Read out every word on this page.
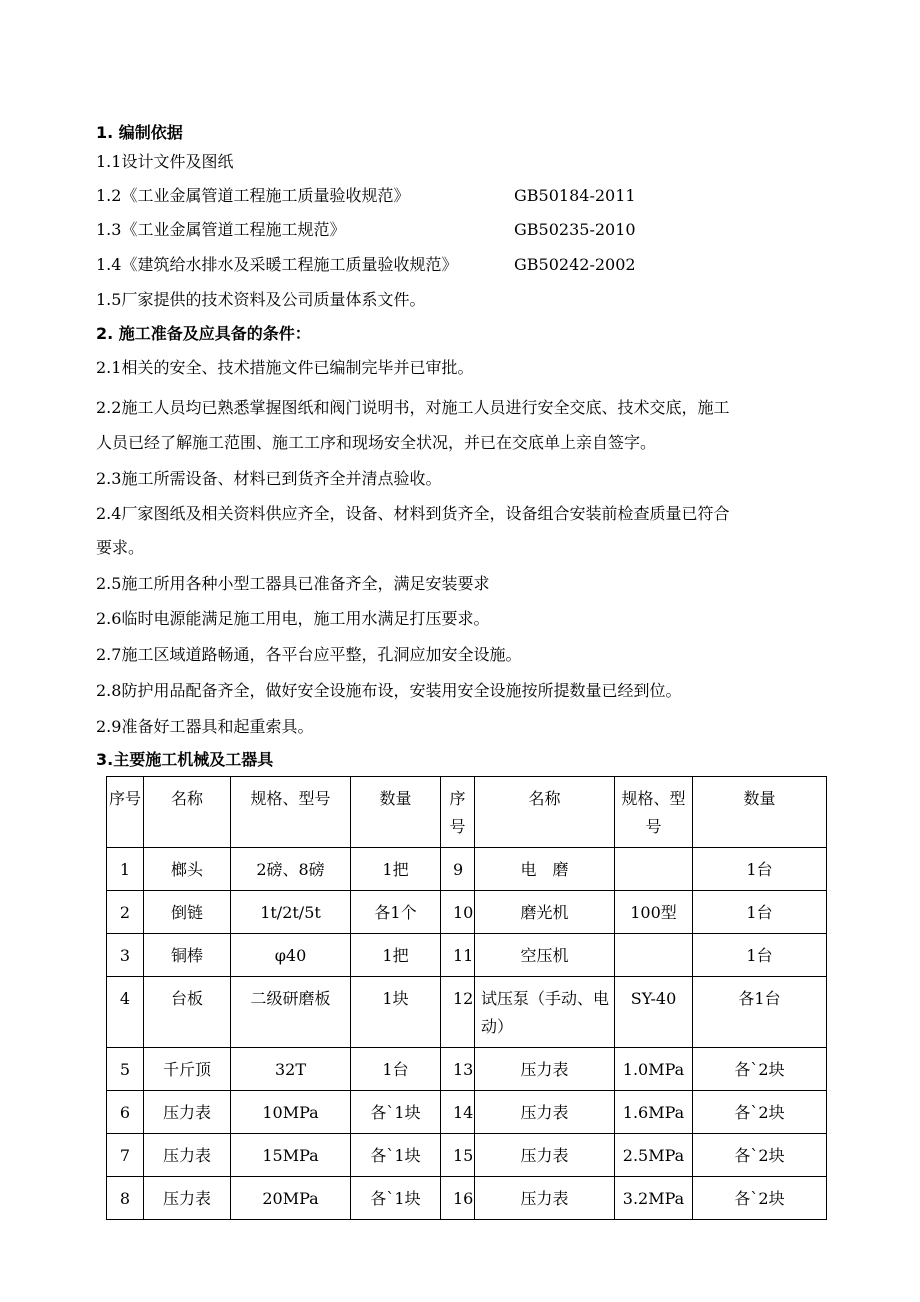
1. 编制依据
1.1设计文件及图纸
1.2《工业金属管道工程施工质量验收规范》	GB50184-2011
1.3《工业金属管道工程施工规范》	GB50235-2010
1.4《建筑给水排水及采暖工程施工质量验收规范》	GB50242-2002
1.5厂家提供的技术资料及公司质量体系文件。
2. 施工准备及应具备的条件：
2.1相关的安全、技术措施文件已编制完毕并已审批。
2.2施工人员均已熟悉掌握图纸和阀门说明书，对施工人员进行安全交底、技术交底，施工
人员已经了解施工范围、施工工序和现场安全状况，并已在交底单上亲自签字。
2.3施工所需设备、材料已到货齐全并清点验收。
2.4厂家图纸及相关资料供应齐全，设备、材料到货齐全，设备组合安装前检查质量已符合
要求。
2.5施工所用各种小型工器具已准备齐全，满足安装要求
2.6临时电源能满足施工用电，施工用水满足打压要求。
2.7施工区域道路畅通，各平台应平整，孔洞应加安全设施。
2.8防护用品配备齐全，做好安全设施布设，安装用安全设施按所提数量已经到位。
2.9准备好工器具和起重索具。
3.主要施工机械及工器具
序号	名称	规格、型号	数量	序号	名称	规格、型号	数量
1	榔头	2磅、8磅	1把	9	电　磨		1台
2	倒链	1t/2t/5t	各1个	10	磨光机	100型	1台
3	铜棒	φ40	1把	11	空压机		1台
4	台板	二级研磨板	1块	12	试压泵（手动、电动）	SY-40	各1台
5	千斤顶	32T	1台	13	压力表	1.0MPa	各`2块
6	压力表	10MPa	各`1块	14	压力表	1.6MPa	各`2块
7	压力表	15MPa	各`1块	15	压力表	2.5MPa	各`2块
8	压力表	20MPa	各`1块	16	压力表	3.2MPa	各`2块
